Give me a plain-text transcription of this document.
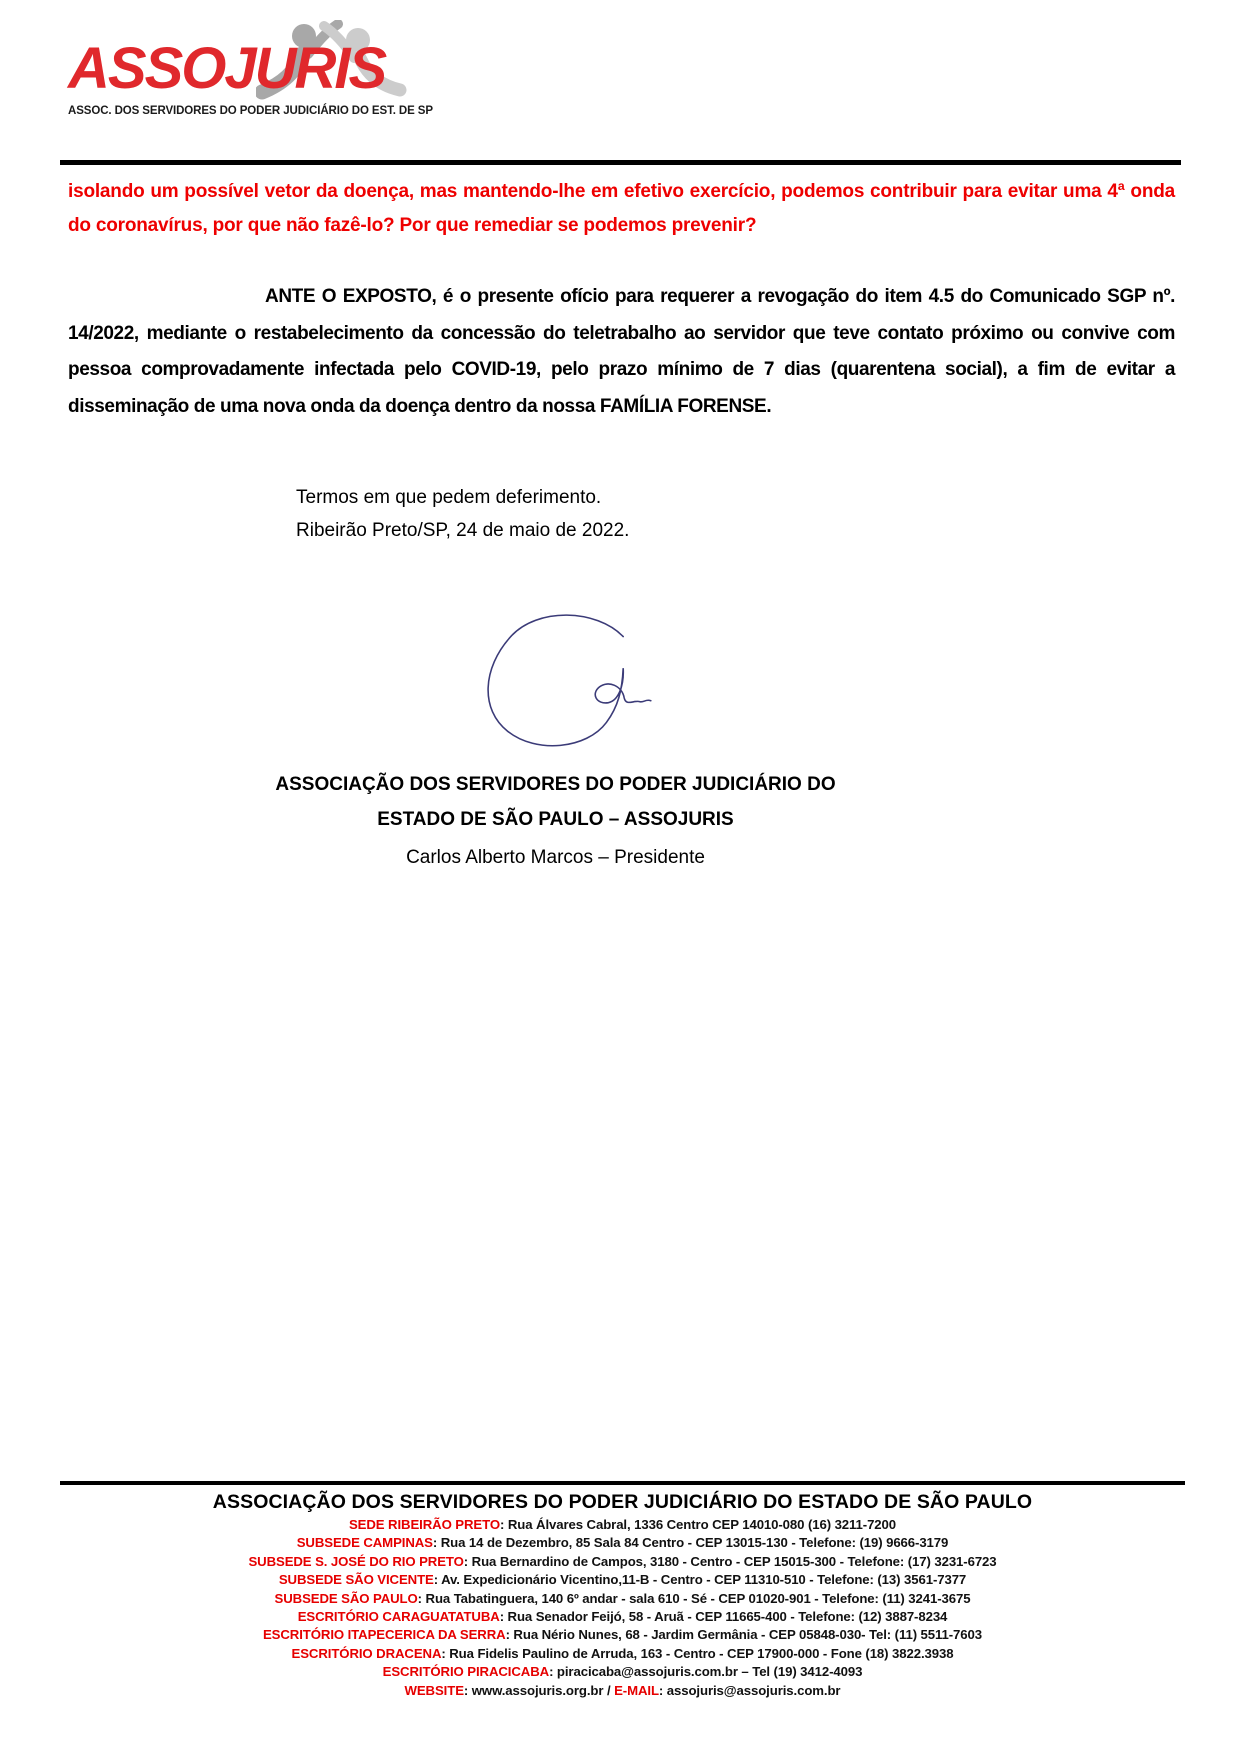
ASSOJURIS
ASSOC. DOS SERVIDORES DO PODER JUDICIÁRIO DO EST. DE SP
isolando um possível vetor da doença, mas mantendo-lhe em efetivo exercício, podemos contribuir para evitar uma 4ª onda do coronavírus, por que não fazê-lo? Por que remediar se podemos prevenir?
ANTE O EXPOSTO, é o presente ofício para requerer a revogação do item 4.5 do Comunicado SGP nº. 14/2022, mediante o restabelecimento da concessão do teletrabalho ao servidor que teve contato próximo ou convive com pessoa comprovadamente infectada pelo COVID-19, pelo prazo mínimo de 7 dias (quarentena social), a fim de evitar a disseminação de uma nova onda da doença dentro da nossa FAMÍLIA FORENSE.
Termos em que pedem deferimento.
Ribeirão Preto/SP, 24 de maio de 2022.
ASSOCIAÇÃO DOS SERVIDORES DO PODER JUDICIÁRIO DO
ESTADO DE SÃO PAULO – ASSOJURIS
Carlos Alberto Marcos – Presidente
ASSOCIAÇÃO DOS SERVIDORES DO PODER JUDICIÁRIO DO ESTADO DE SÃO PAULO
SEDE RIBEIRÃO PRETO: Rua Álvares Cabral, 1336 Centro CEP 14010-080 (16) 3211-7200
SUBSEDE CAMPINAS: Rua 14 de Dezembro, 85 Sala 84 Centro - CEP 13015-130 - Telefone: (19) 9666-3179
SUBSEDE S. JOSÉ DO RIO PRETO: Rua Bernardino de Campos, 3180 - Centro - CEP 15015-300 - Telefone: (17) 3231-6723
SUBSEDE SÃO VICENTE: Av. Expedicionário Vicentino,11-B - Centro - CEP 11310-510 - Telefone: (13) 3561-7377
SUBSEDE SÃO PAULO: Rua Tabatinguera, 140 6º andar - sala 610 - Sé - CEP 01020-901 - Telefone: (11) 3241-3675
ESCRITÓRIO CARAGUATATUBA: Rua Senador Feijó, 58 - Aruã - CEP 11665-400 - Telefone: (12) 3887-8234
ESCRITÓRIO ITAPECERICA DA SERRA: Rua Nério Nunes, 68 - Jardim Germânia - CEP 05848-030- Tel: (11) 5511-7603
ESCRITÓRIO DRACENA: Rua Fidelis Paulino de Arruda, 163 - Centro - CEP 17900-000 - Fone (18) 3822.3938
ESCRITÓRIO PIRACICABA: piracicaba@assojuris.com.br – Tel (19) 3412-4093
WEBSITE: www.assojuris.org.br / E-MAIL: assojuris@assojuris.com.br
